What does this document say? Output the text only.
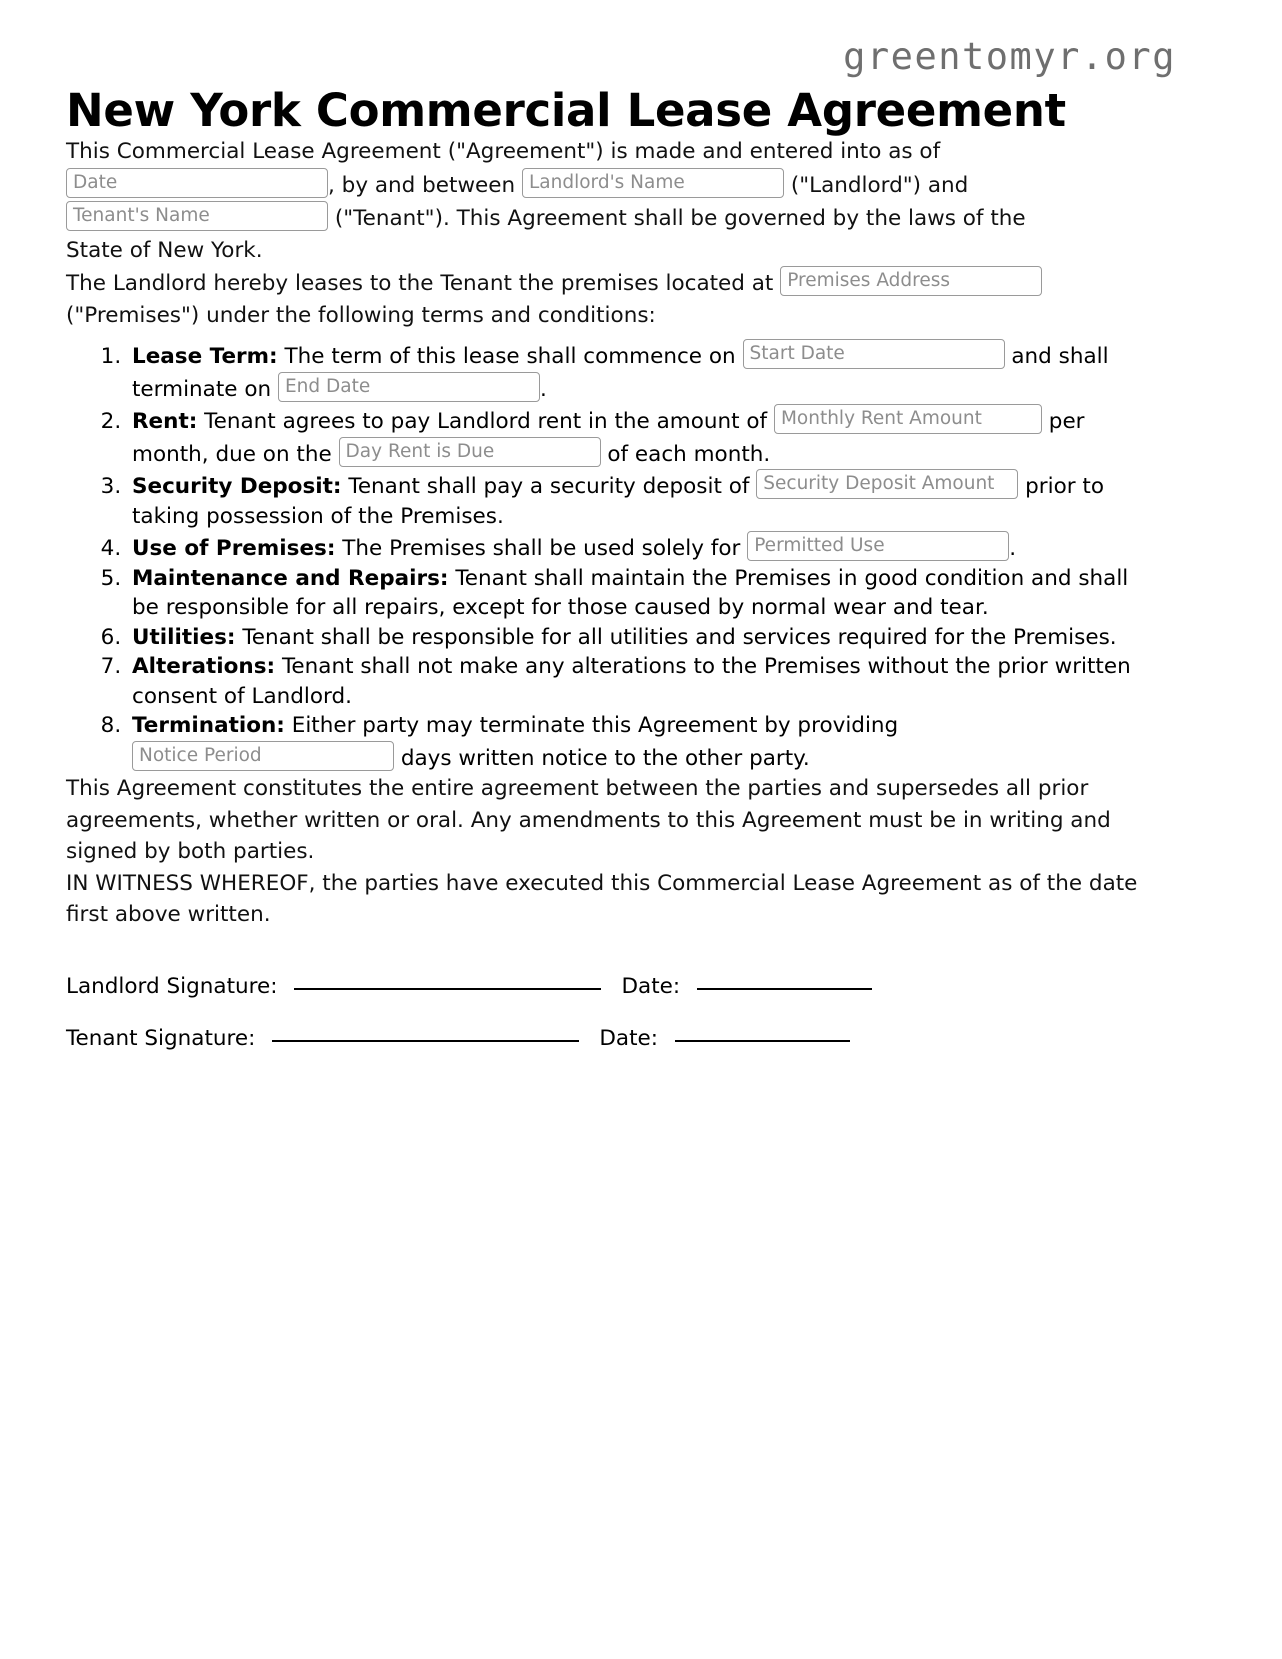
greentomyr.org
New York Commercial Lease Agreement

This Commercial Lease Agreement ("Agreement") is made and entered into as of
Date	, by and between Landlord's Name	("Landlord") and
Tenant's Name	("Tenant"). This Agreement shall be governed by the laws of the
State of New York.

The Landlord hereby leases to the Tenant the premises located at Premises Address
("Premises") under the following terms and conditions:

1. Lease Term: The term of this lease shall commence on Start Date	and shall terminate on End Date	.
2. Rent: Tenant agrees to pay Landlord rent in the amount of Monthly Rent Amount	per month, due on the Day Rent is Due	of each month.
3. Security Deposit: Tenant shall pay a security deposit of Security Deposit Amount prior to taking possession of the Premises.
4. Use of Premises: The Premises shall be used solely for Permitted Use	.
5. Maintenance and Repairs: Tenant shall maintain the Premises in good condition and shall be responsible for all repairs, except for those caused by normal wear and tear.
6. Utilities: Tenant shall be responsible for all utilities and services required for the Premises.
7. Alterations: Tenant shall not make any alterations to the Premises without the prior written consent of Landlord.
8. Termination: Either party may terminate this Agreement by providing
Notice Period	days written notice to the other party.

This Agreement constitutes the entire agreement between the parties and supersedes all prior agreements, whether written or oral. Any amendments to this Agreement must be in writing and signed by both parties.

IN WITNESS WHEREOF, the parties have executed this Commercial Lease Agreement as of the date first above written.

Landlord Signature:	Date:
Tenant Signature:	Date:
